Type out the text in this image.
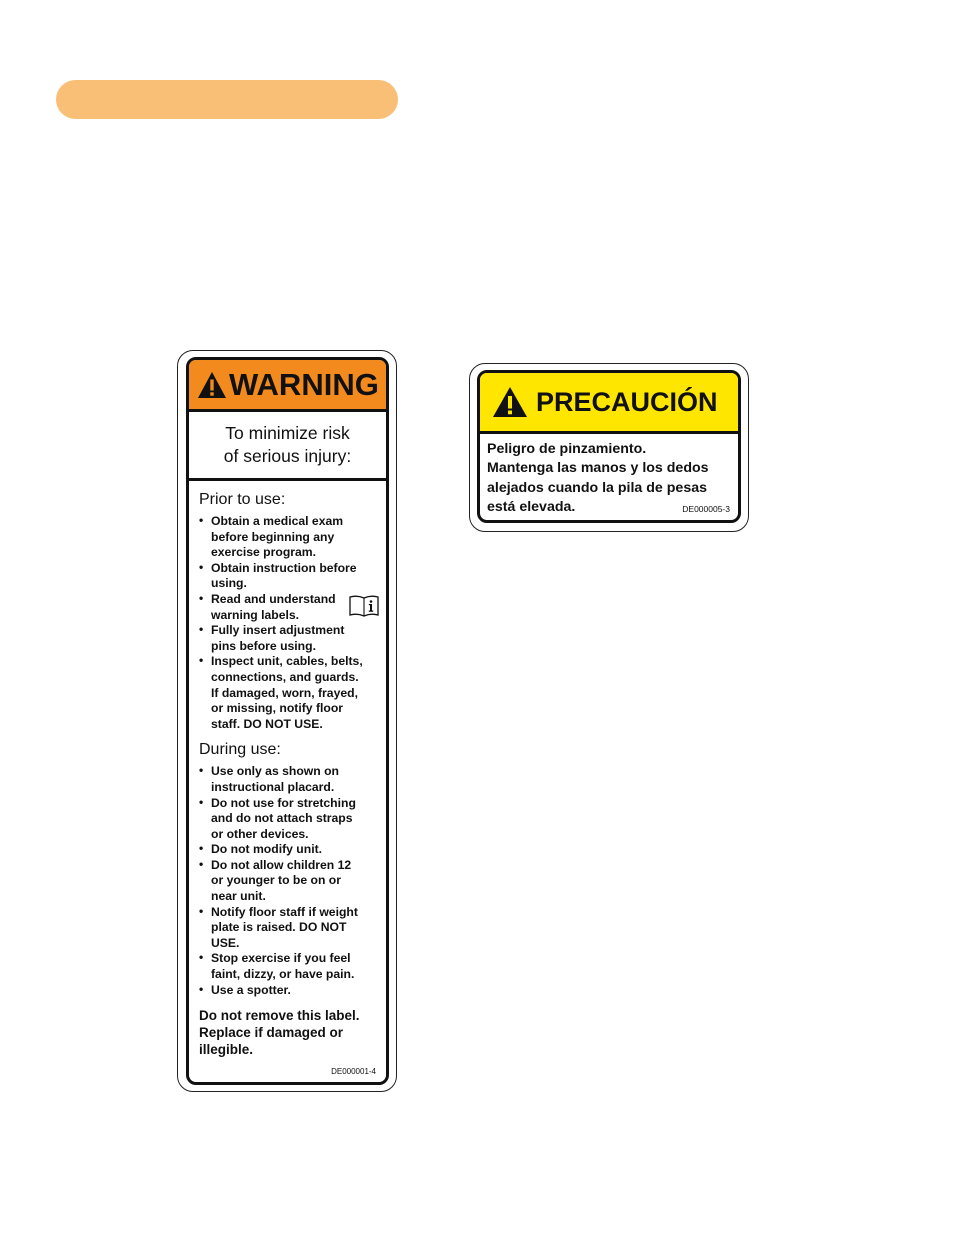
WARNING
To minimize risk
of serious injury:
Prior to use:
• Obtain a medical exam
before beginning any
exercise program.
• Obtain instruction before
using.
• Read and understand
warning labels.
• Fully insert adjustment
pins before using.
• Inspect unit, cables, belts,
connections, and guards.
If damaged, worn, frayed,
or missing, notify floor
staff. DO NOT USE.
During use:
• Use only as shown on
instructional placard.
• Do not use for stretching
and do not attach straps
or other devices.
• Do not modify unit.
• Do not allow children 12
or younger to be on or
near unit.
• Notify floor staff if weight
plate is raised. DO NOT
USE.
• Stop exercise if you feel
faint, dizzy, or have pain.
• Use a spotter.
Do not remove this label.
Replace if damaged or
illegible.
DE000001-4
PRECAUCIÓN
Peligro de pinzamiento.
Mantenga las manos y los dedos
alejados cuando la pila de pesas
está elevada.	DE000005-3
